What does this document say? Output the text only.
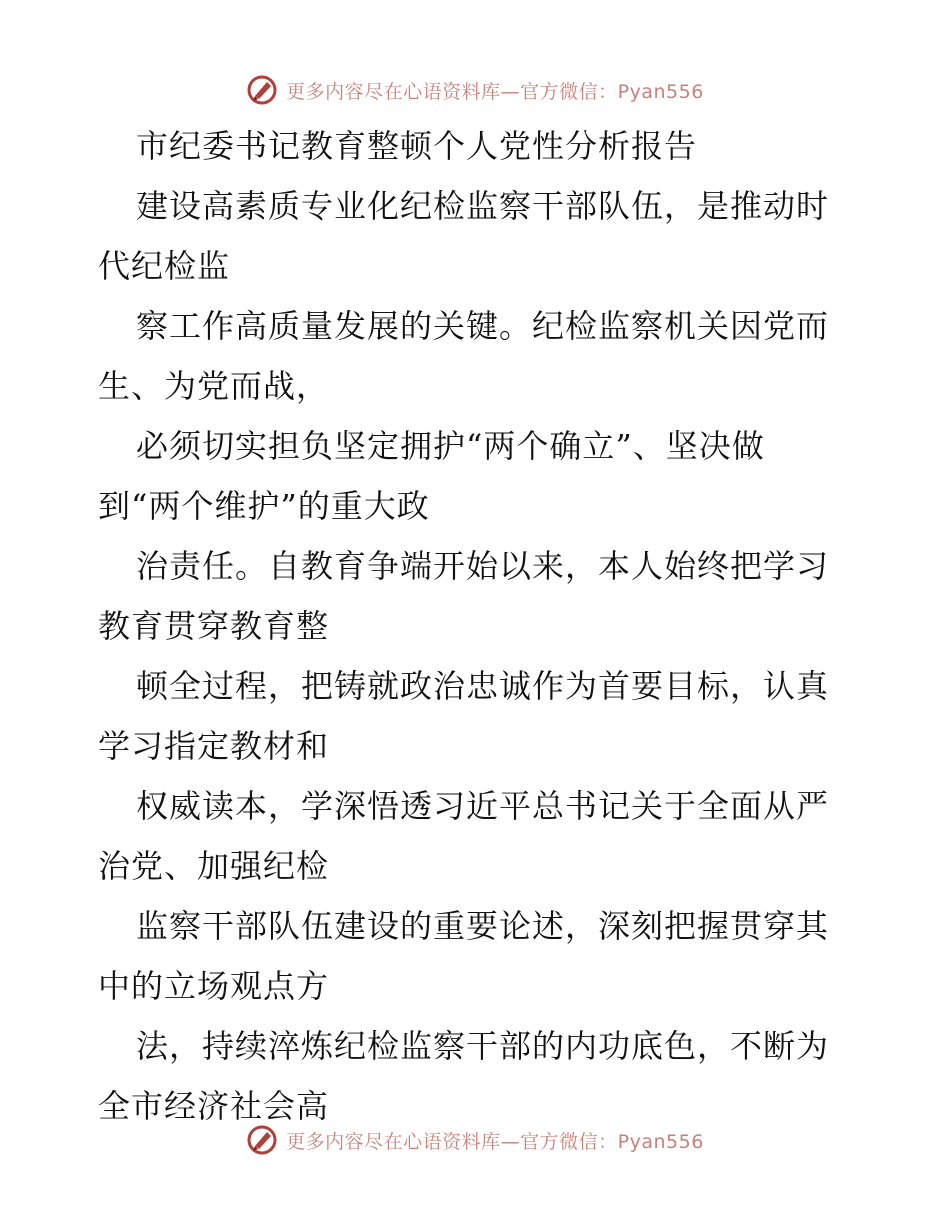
更多内容尽在心语资料库—官方微信：Pyan556
市纪委书记教育整顿个人党性分析报告
建设高素质专业化纪检监察干部队伍，是推动时
代纪检监
察工作高质量发展的关键。纪检监察机关因党而
生、为党而战，
必须切实担负坚定拥护“两个确立”、坚决做
到“两个维护”的重大政
治责任。自教育争端开始以来，本人始终把学习
教育贯穿教育整
顿全过程，把铸就政治忠诚作为首要目标，认真
学习指定教材和
权威读本，学深悟透习近平总书记关于全面从严
治党、加强纪检
监察干部队伍建设的重要论述，深刻把握贯穿其
中的立场观点方
法，持续淬炼纪检监察干部的内功底色，不断为
全市经济社会高
更多内容尽在心语资料库—官方微信：Pyan556
